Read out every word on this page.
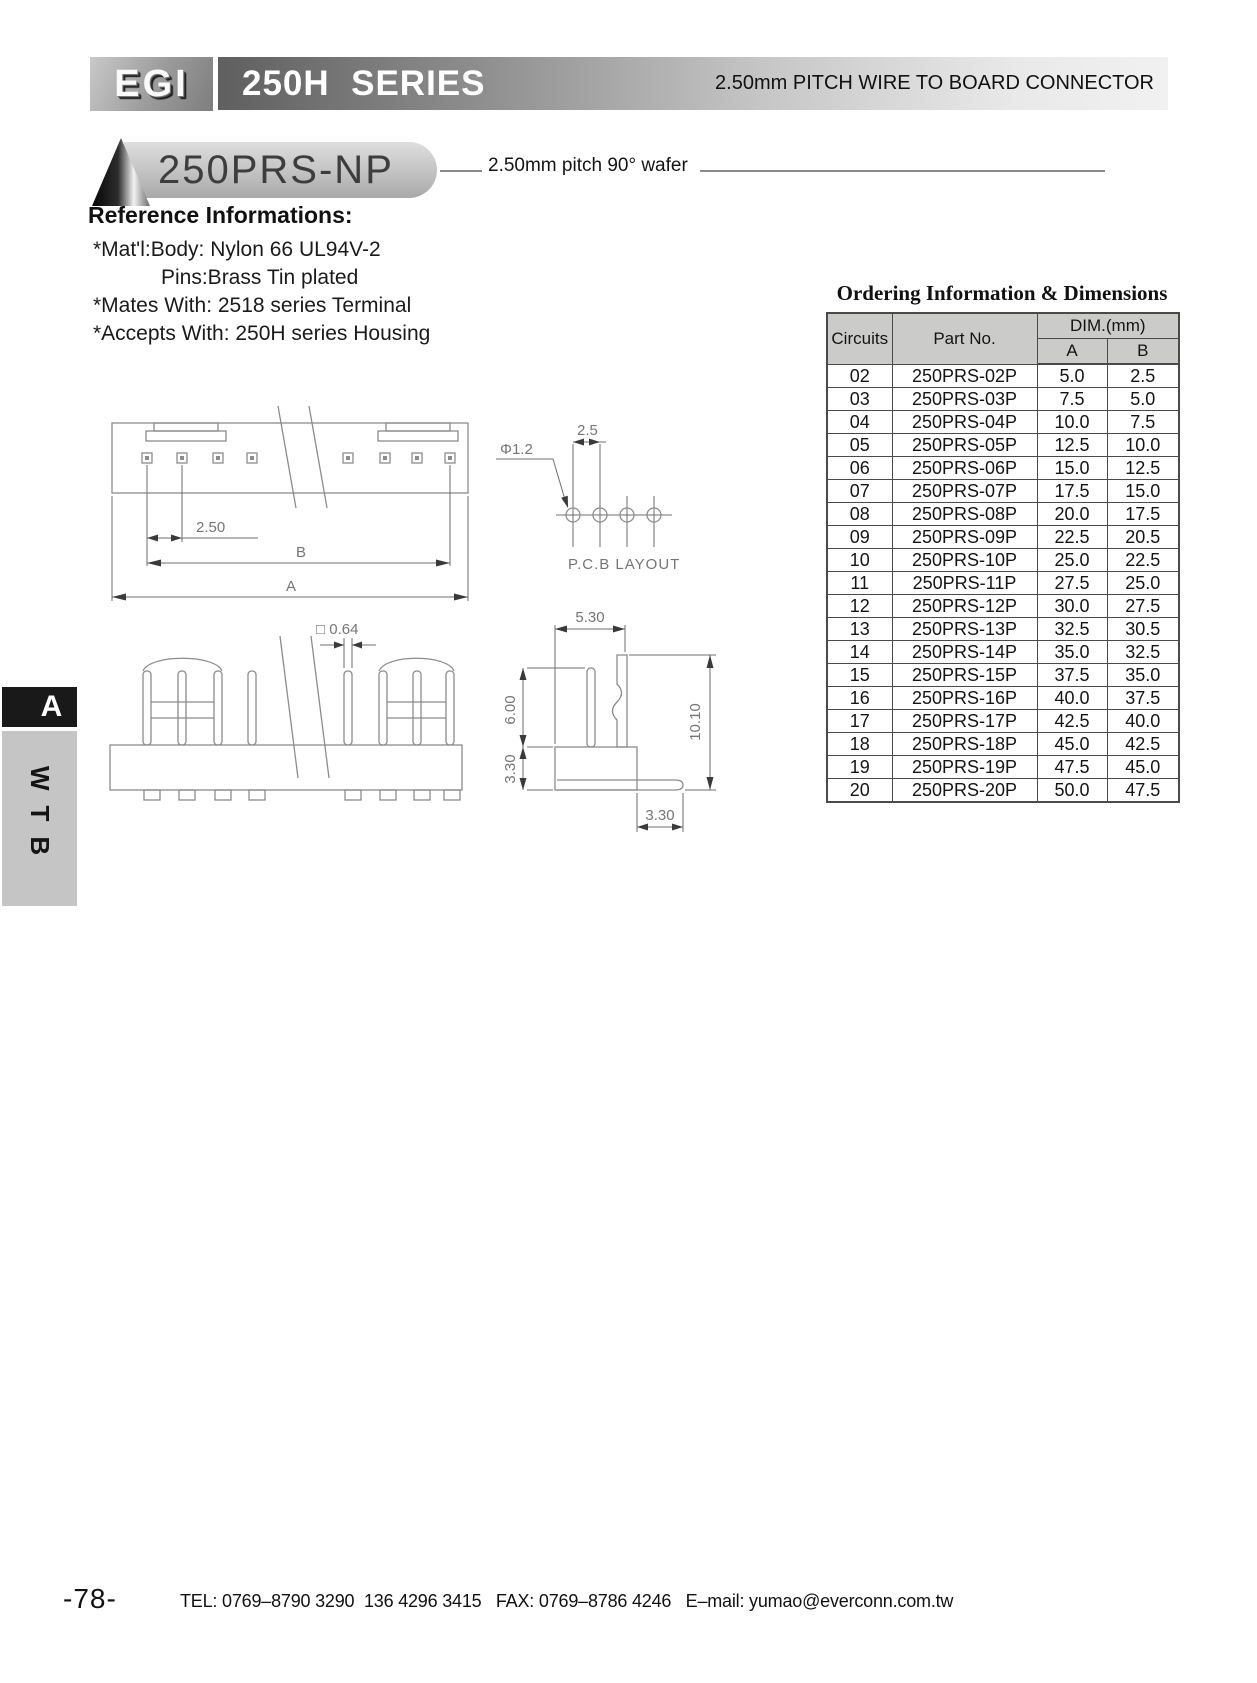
EGI 250H  SERIES	2.50mm PITCH WIRE TO BOARD CONNECTOR
250PRS-NP	2.50mm pitch 90° wafer
Reference Informations:
*Mat'l:Body: Nylon 66 UL94V-2
Pins:Brass Tin plated
*Mates With: 2518 series Terminal
*Accepts With: 250H series Housing
2.50
B
A
2.5
Φ1.2
P.C.B LAYOUT
□ 0.64
5.30
6.00
3.30
10.10
3.30
Ordering Information & Dimensions
Circuits	Part No.	DIM.(mm)	
		A	B
02	250PRS-02P	5.0	2.5
03	250PRS-03P	7.5	5.0
04	250PRS-04P	10.0	7.5
05	250PRS-05P	12.5	10.0
06	250PRS-06P	15.0	12.5
07	250PRS-07P	17.5	15.0
08	250PRS-08P	20.0	17.5
09	250PRS-09P	22.5	20.5
10	250PRS-10P	25.0	22.5
11	250PRS-11P	27.5	25.0
12	250PRS-12P	30.0	27.5
13	250PRS-13P	32.5	30.5
14	250PRS-14P	35.0	32.5
15	250PRS-15P	37.5	35.0
16	250PRS-16P	40.0	37.5
17	250PRS-17P	42.5	40.0
18	250PRS-18P	45.0	42.5
19	250PRS-19P	47.5	45.0
20	250PRS-20P	50.0	47.5
A
WTB
-78-	TEL: 0769–8790 3290  136 4296 3415   FAX: 0769–8786 4246   E–mail: yumao@everconn.com.tw
